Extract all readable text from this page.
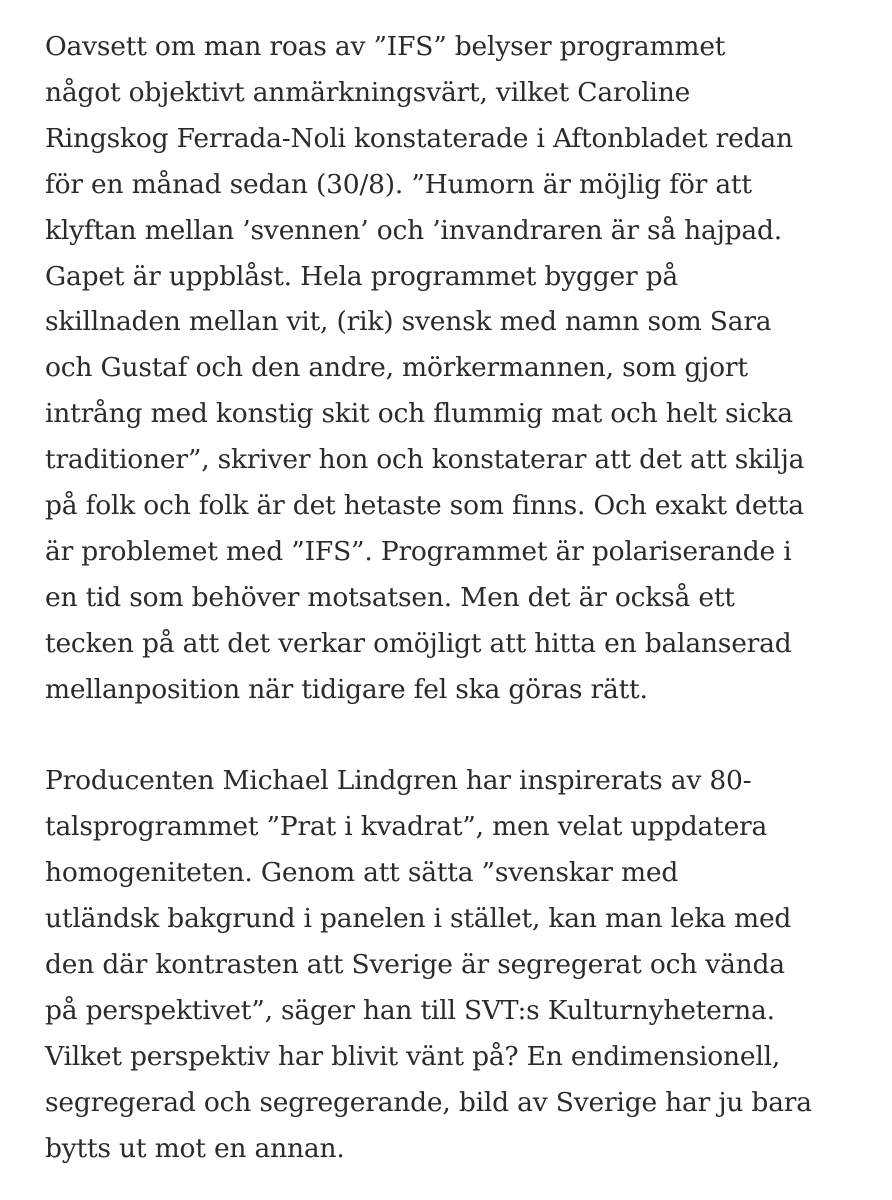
Oavsett om man roas av ”IFS” belyser programmet
något objektivt anmärkningsvärt, vilket Caroline
Ringskog Ferrada-Noli konstaterade i Aftonbladet redan
för en månad sedan (30/8). ”Humorn är möjlig för att
klyftan mellan ’svennen’ och ’invandraren är så hajpad.
Gapet är uppblåst. Hela programmet bygger på
skillnaden mellan vit, (rik) svensk med namn som Sara
och Gustaf och den andre, mörkermannen, som gjort
intrång med konstig skit och flummig mat och helt sicka
traditioner”, skriver hon och konstaterar att det att skilja
på folk och folk är det hetaste som finns. Och exakt detta
är problemet med ”IFS”. Programmet är polariserande i
en tid som behöver motsatsen. Men det är också ett
tecken på att det verkar omöjligt att hitta en balanserad
mellanposition när tidigare fel ska göras rätt.
Producenten Michael Lindgren har inspirerats av 80-
talsprogrammet ”Prat i kvadrat”, men velat uppdatera
homogeniteten. Genom att sätta ”svenskar med
utländsk bakgrund i panelen i stället, kan man leka med
den där kontrasten att Sverige är segregerat och vända
på perspektivet”, säger han till SVT:s Kulturnyheterna.
Vilket perspektiv har blivit vänt på? En endimensionell,
segregerad och segregerande, bild av Sverige har ju bara
bytts ut mot en annan.
